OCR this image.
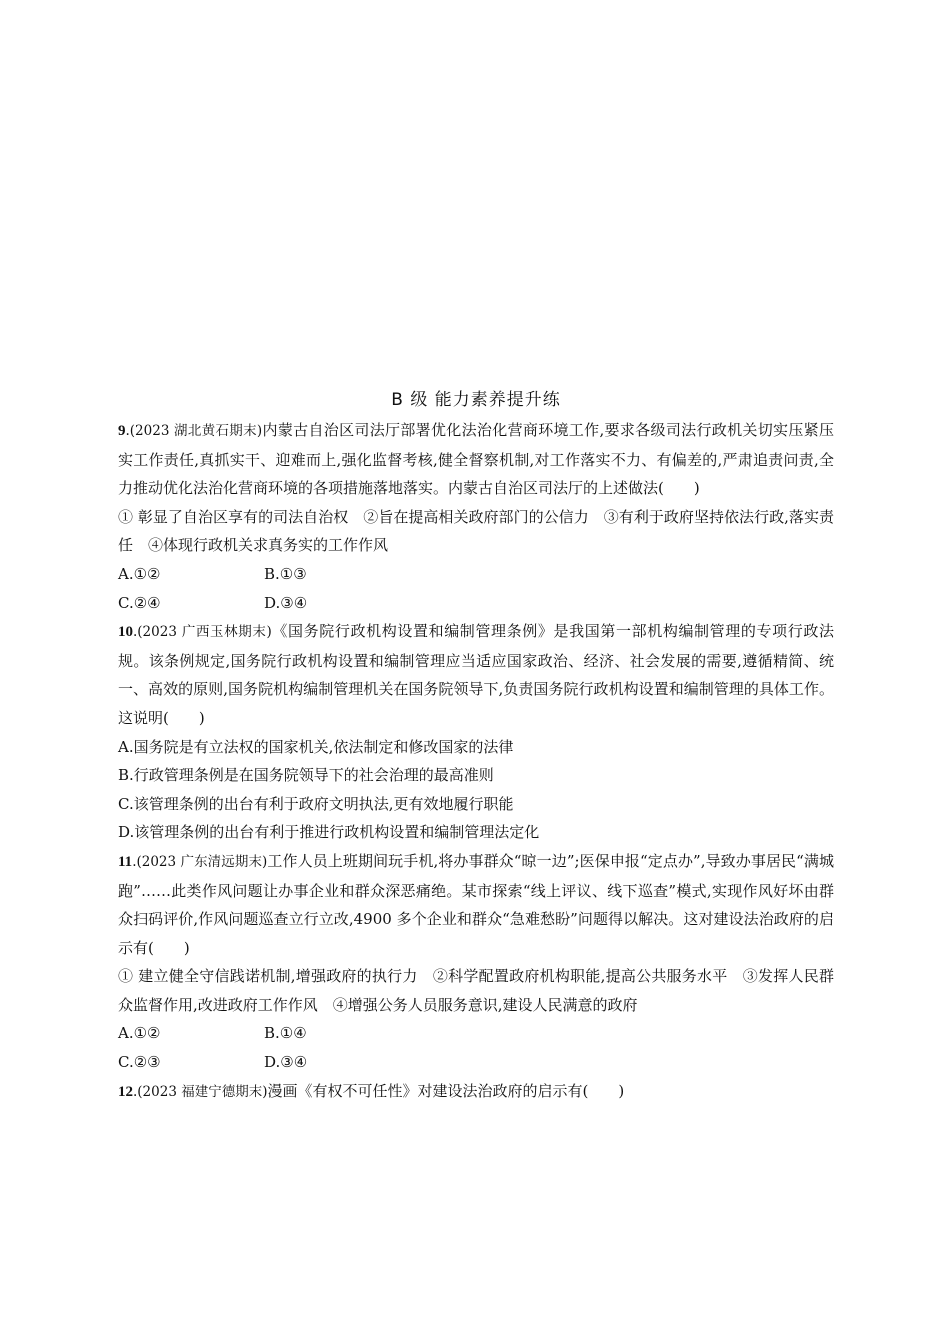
B 级 能力素养提升练

9.(2023 湖北黄石期末)内蒙古自治区司法厅部署优化法治化营商环境工作,要求各级司法行政机关切实压紧压实工作责任,真抓实干、迎难而上,强化监督考核,健全督察机制,对工作落实不力、有偏差的,严肃追责问责,全力推动优化法治化营商环境的各项措施落地落实。内蒙古自治区司法厅的上述做法(　　)

① 彰显了自治区享有的司法自治权　②旨在提高相关政府部门的公信力　③有利于政府坚持依法行政,落实责任　④体现行政机关求真务实的工作作风

A.①②	B.①③
C.②④	D.③④

10.(2023 广西玉林期末)《国务院行政机构设置和编制管理条例》是我国第一部机构编制管理的专项行政法规。该条例规定,国务院行政机构设置和编制管理应当适应国家政治、经济、社会发展的需要,遵循精简、统一、高效的原则,国务院机构编制管理机关在国务院领导下,负责国务院行政机构设置和编制管理的具体工作。这说明(　　)

A.国务院是有立法权的国家机关,依法制定和修改国家的法律

B.行政管理条例是在国务院领导下的社会治理的最高准则

C.该管理条例的出台有利于政府文明执法,更有效地履行职能

D.该管理条例的出台有利于推进行政机构设置和编制管理法定化

11.(2023 广东清远期末)工作人员上班期间玩手机,将办事群众“晾一边”;医保申报“定点办”,导致办事居民“满城跑”……此类作风问题让办事企业和群众深恶痛绝。某市探索“线上评议、线下巡查”模式,实现作风好坏由群众扫码评价,作风问题巡查立行立改,4900 多个企业和群众“急难愁盼”问题得以解决。这对建设法治政府的启示有(　　)

① 建立健全守信践诺机制,增强政府的执行力　②科学配置政府机构职能,提高公共服务水平　③发挥人民群众监督作用,改进政府工作作风　④增强公务人员服务意识,建设人民满意的政府

A.①②	B.①④
C.②③	D.③④

12.(2023 福建宁德期末)漫画《有权不可任性》对建设法治政府的启示有(　　)
